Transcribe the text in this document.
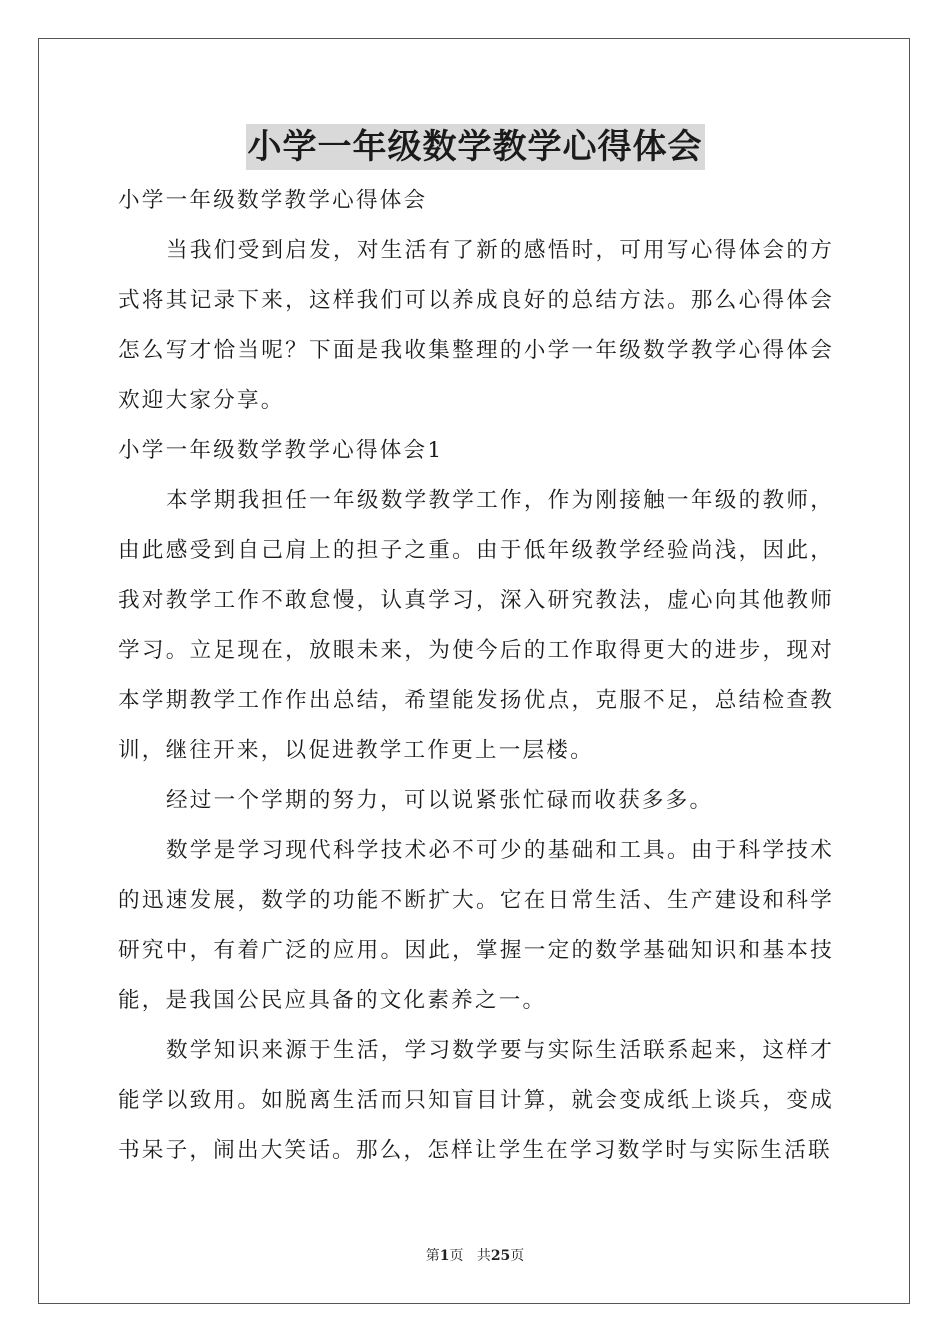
小学一年级数学教学心得体会

小学一年级数学教学心得体会

当我们受到启发，对生活有了新的感悟时，可用写心得体会的方式将其记录下来，这样我们可以养成良好的总结方法。那么心得体会怎么写才恰当呢？下面是我收集整理的小学一年级数学教学心得体会欢迎大家分享。

小学一年级数学教学心得体会1

本学期我担任一年级数学教学工作，作为刚接触一年级的教师，由此感受到自己肩上的担子之重。由于低年级教学经验尚浅，因此，我对教学工作不敢怠慢，认真学习，深入研究教法，虚心向其他教师学习。立足现在，放眼未来，为使今后的工作取得更大的进步，现对本学期教学工作作出总结，希望能发扬优点，克服不足，总结检查教训，继往开来，以促进教学工作更上一层楼。

经过一个学期的努力，可以说紧张忙碌而收获多多。

数学是学习现代科学技术必不可少的基础和工具。由于科学技术的迅速发展，数学的功能不断扩大。它在日常生活、生产建设和科学研究中，有着广泛的应用。因此，掌握一定的数学基础知识和基本技能，是我国公民应具备的文化素养之一。

数学知识来源于生活，学习数学要与实际生活联系起来，这样才能学以致用。如脱离生活而只知盲目计算，就会变成纸上谈兵，变成书呆子，闹出大笑话。那么，怎样让学生在学习数学时与实际生活联

第1页 共25页
